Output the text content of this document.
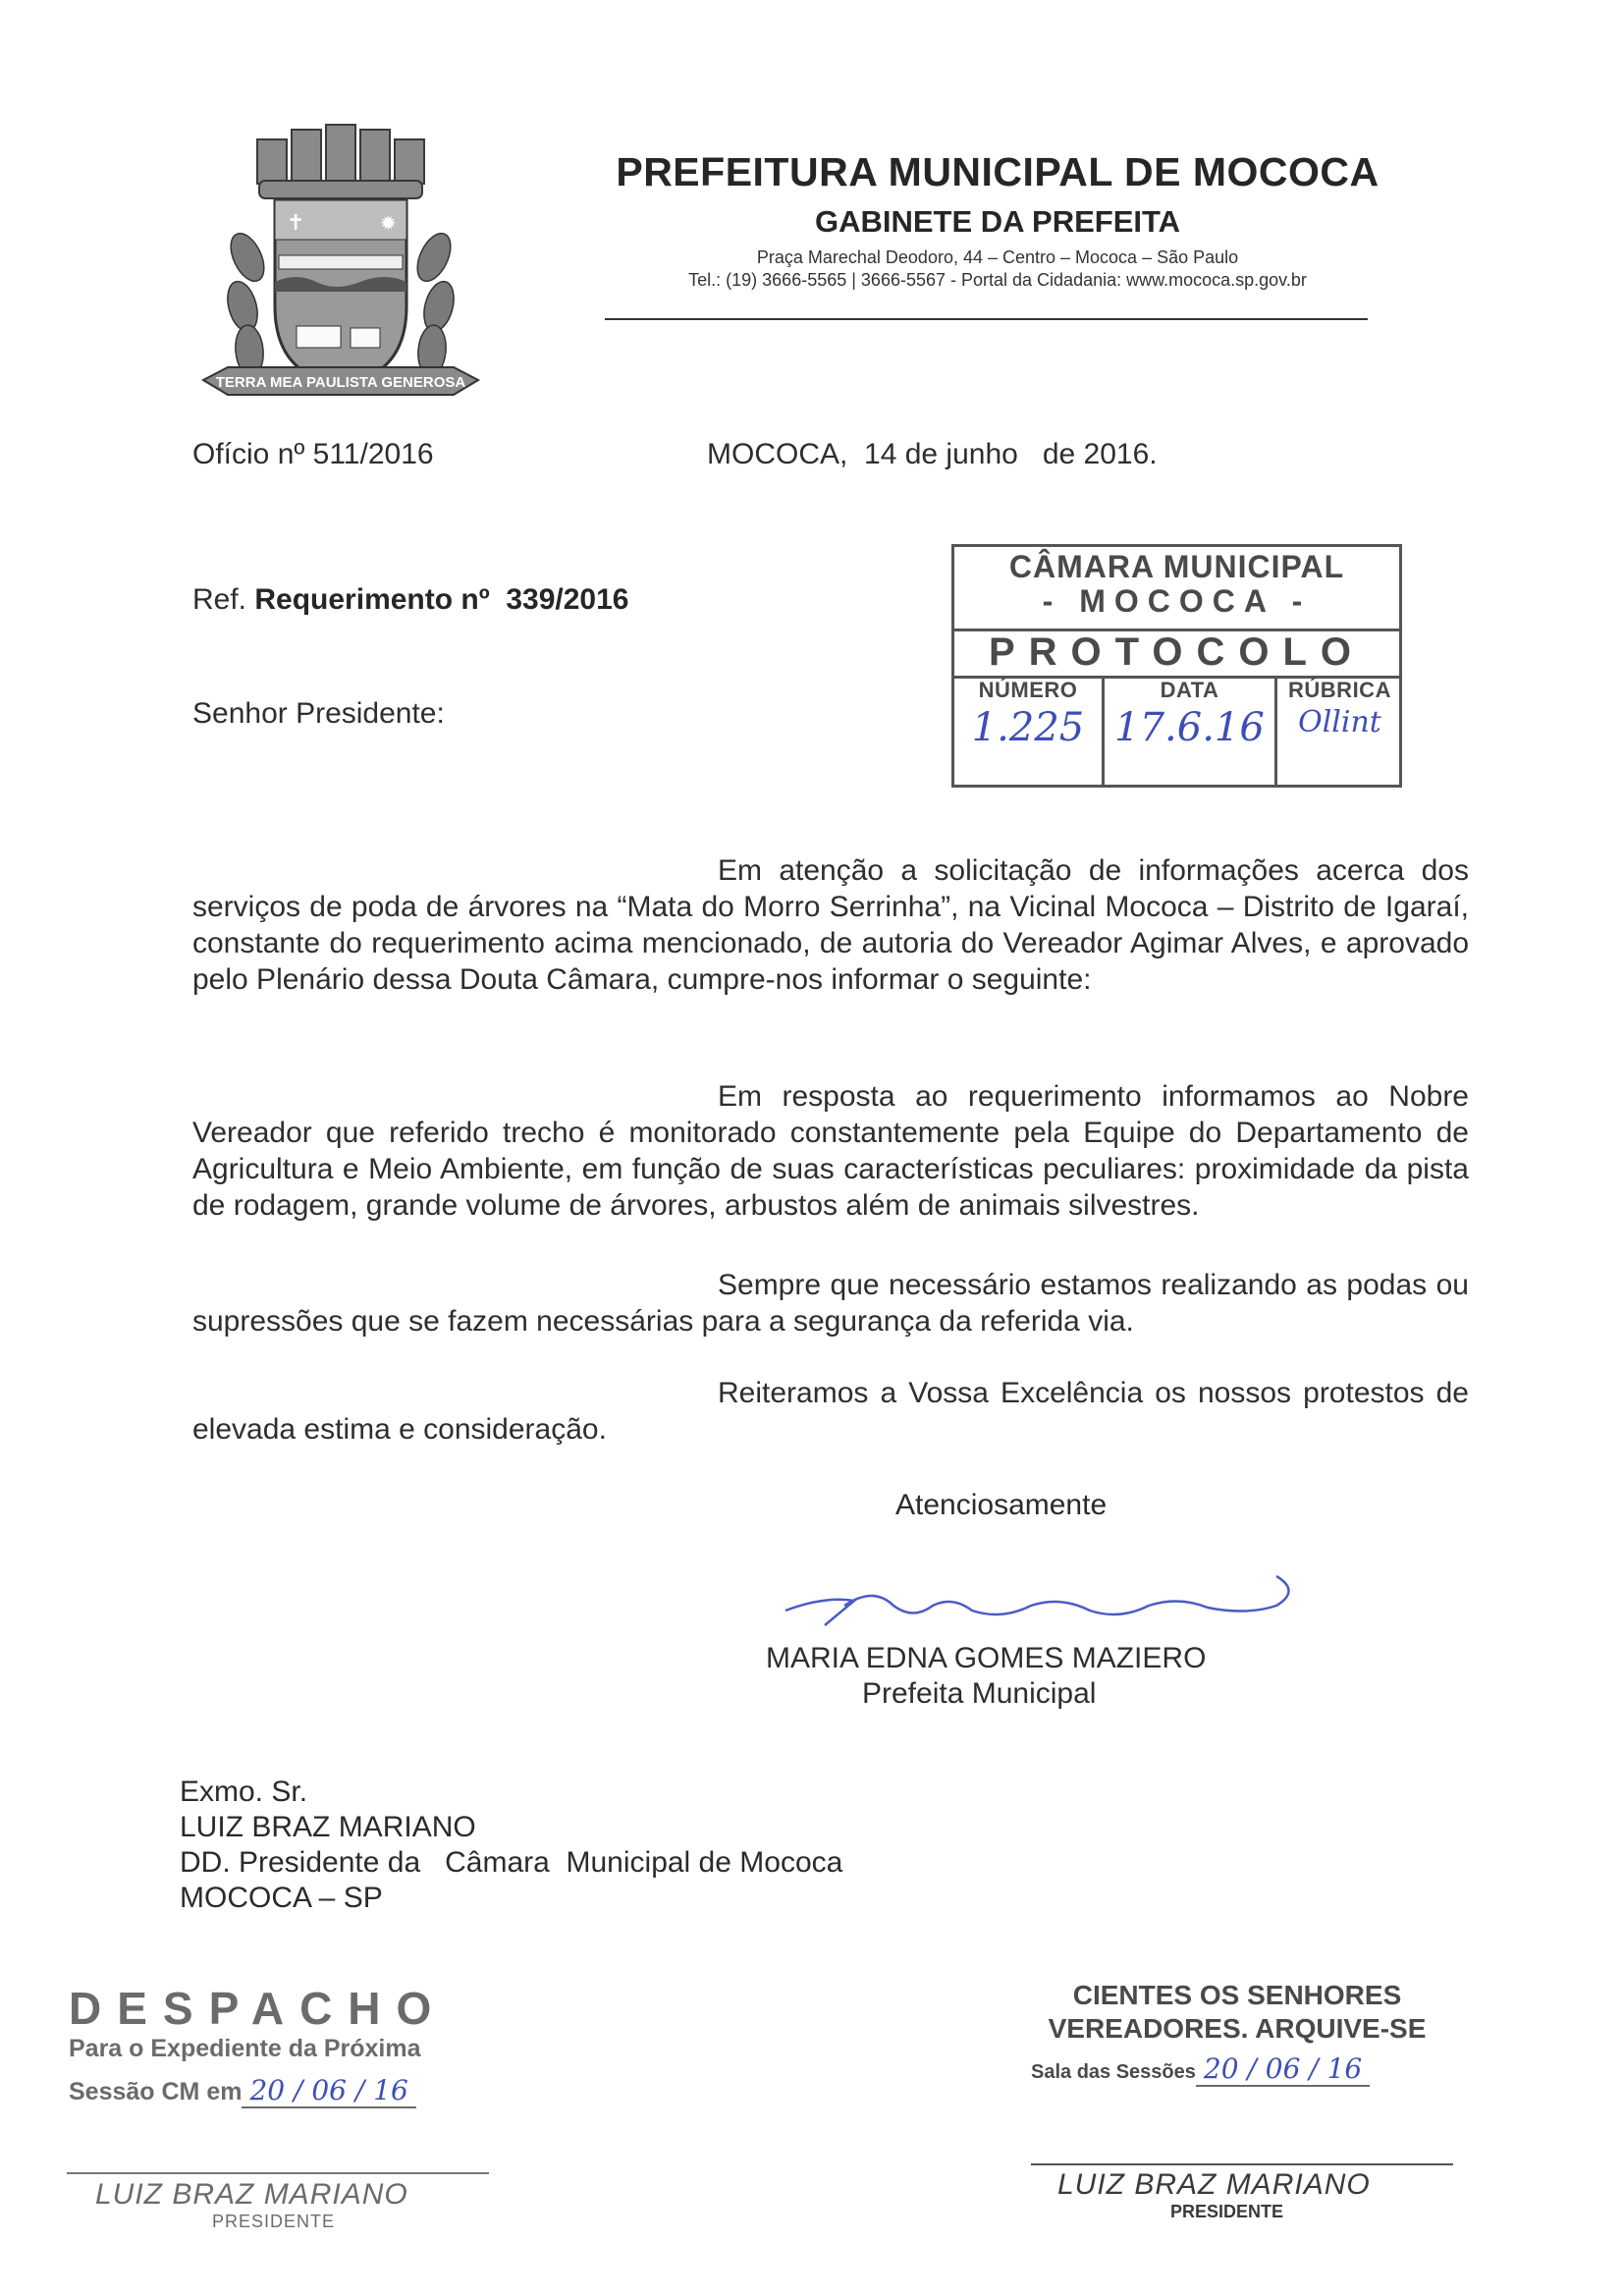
✝	✹
TERRA MEA PAULISTA GENEROSA
PREFEITURA MUNICIPAL DE MOCOCA
GABINETE DA PREFEITA
Praça Marechal Deodoro, 44 – Centro – Mococa – São Paulo
Tel.: (19) 3666-5565 | 3666-5567 - Portal da Cidadania: www.mococa.sp.gov.br
Ofício nº 511/2016	MOCOCA,  14 de junho   de 2016.
Ref. Requerimento nº  339/2016
Senhor Presidente:
CÂMARA MUNICIPAL
- MOCOCA -
PROTOCOLO
NÚMERO
1.225
DATA
17.6.16
RÚBRICA
Ollint
Em atenção a solicitação de informações acerca dos serviços de poda de árvores na “Mata do Morro Serrinha”, na Vicinal Mococa – Distrito de Igaraí, constante do requerimento acima mencionado, de autoria do Vereador Agimar Alves, e aprovado pelo Plenário dessa Douta Câmara, cumpre-nos informar o seguinte:
Em resposta ao requerimento informamos ao Nobre Vereador que referido trecho é monitorado constantemente pela Equipe do Departamento de Agricultura e Meio Ambiente, em função de suas características peculiares: proximidade da pista de rodagem, grande volume de árvores, arbustos além de animais silvestres.
Sempre que necessário estamos realizando as podas ou supressões que se fazem necessárias para a segurança da referida via.
Reiteramos a Vossa Excelência os nossos protestos de elevada estima e consideração.
Atenciosamente
MARIA EDNA GOMES MAZIERO
Prefeita Municipal
Exmo. Sr.
LUIZ BRAZ MARIANO
DD. Presidente da   Câmara  Municipal de Mococa
MOCOCA – SP
DESPACHO
Para o Expediente da Próxima
Sessão CM em 20 / 06 / 16
LUIZ BRAZ MARIANO
PRESIDENTE
CIENTES OS SENHORES
VEREADORES. ARQUIVE-SE
Sala das Sessões 20 / 06 / 16
LUIZ BRAZ MARIANO
PRESIDENTE
